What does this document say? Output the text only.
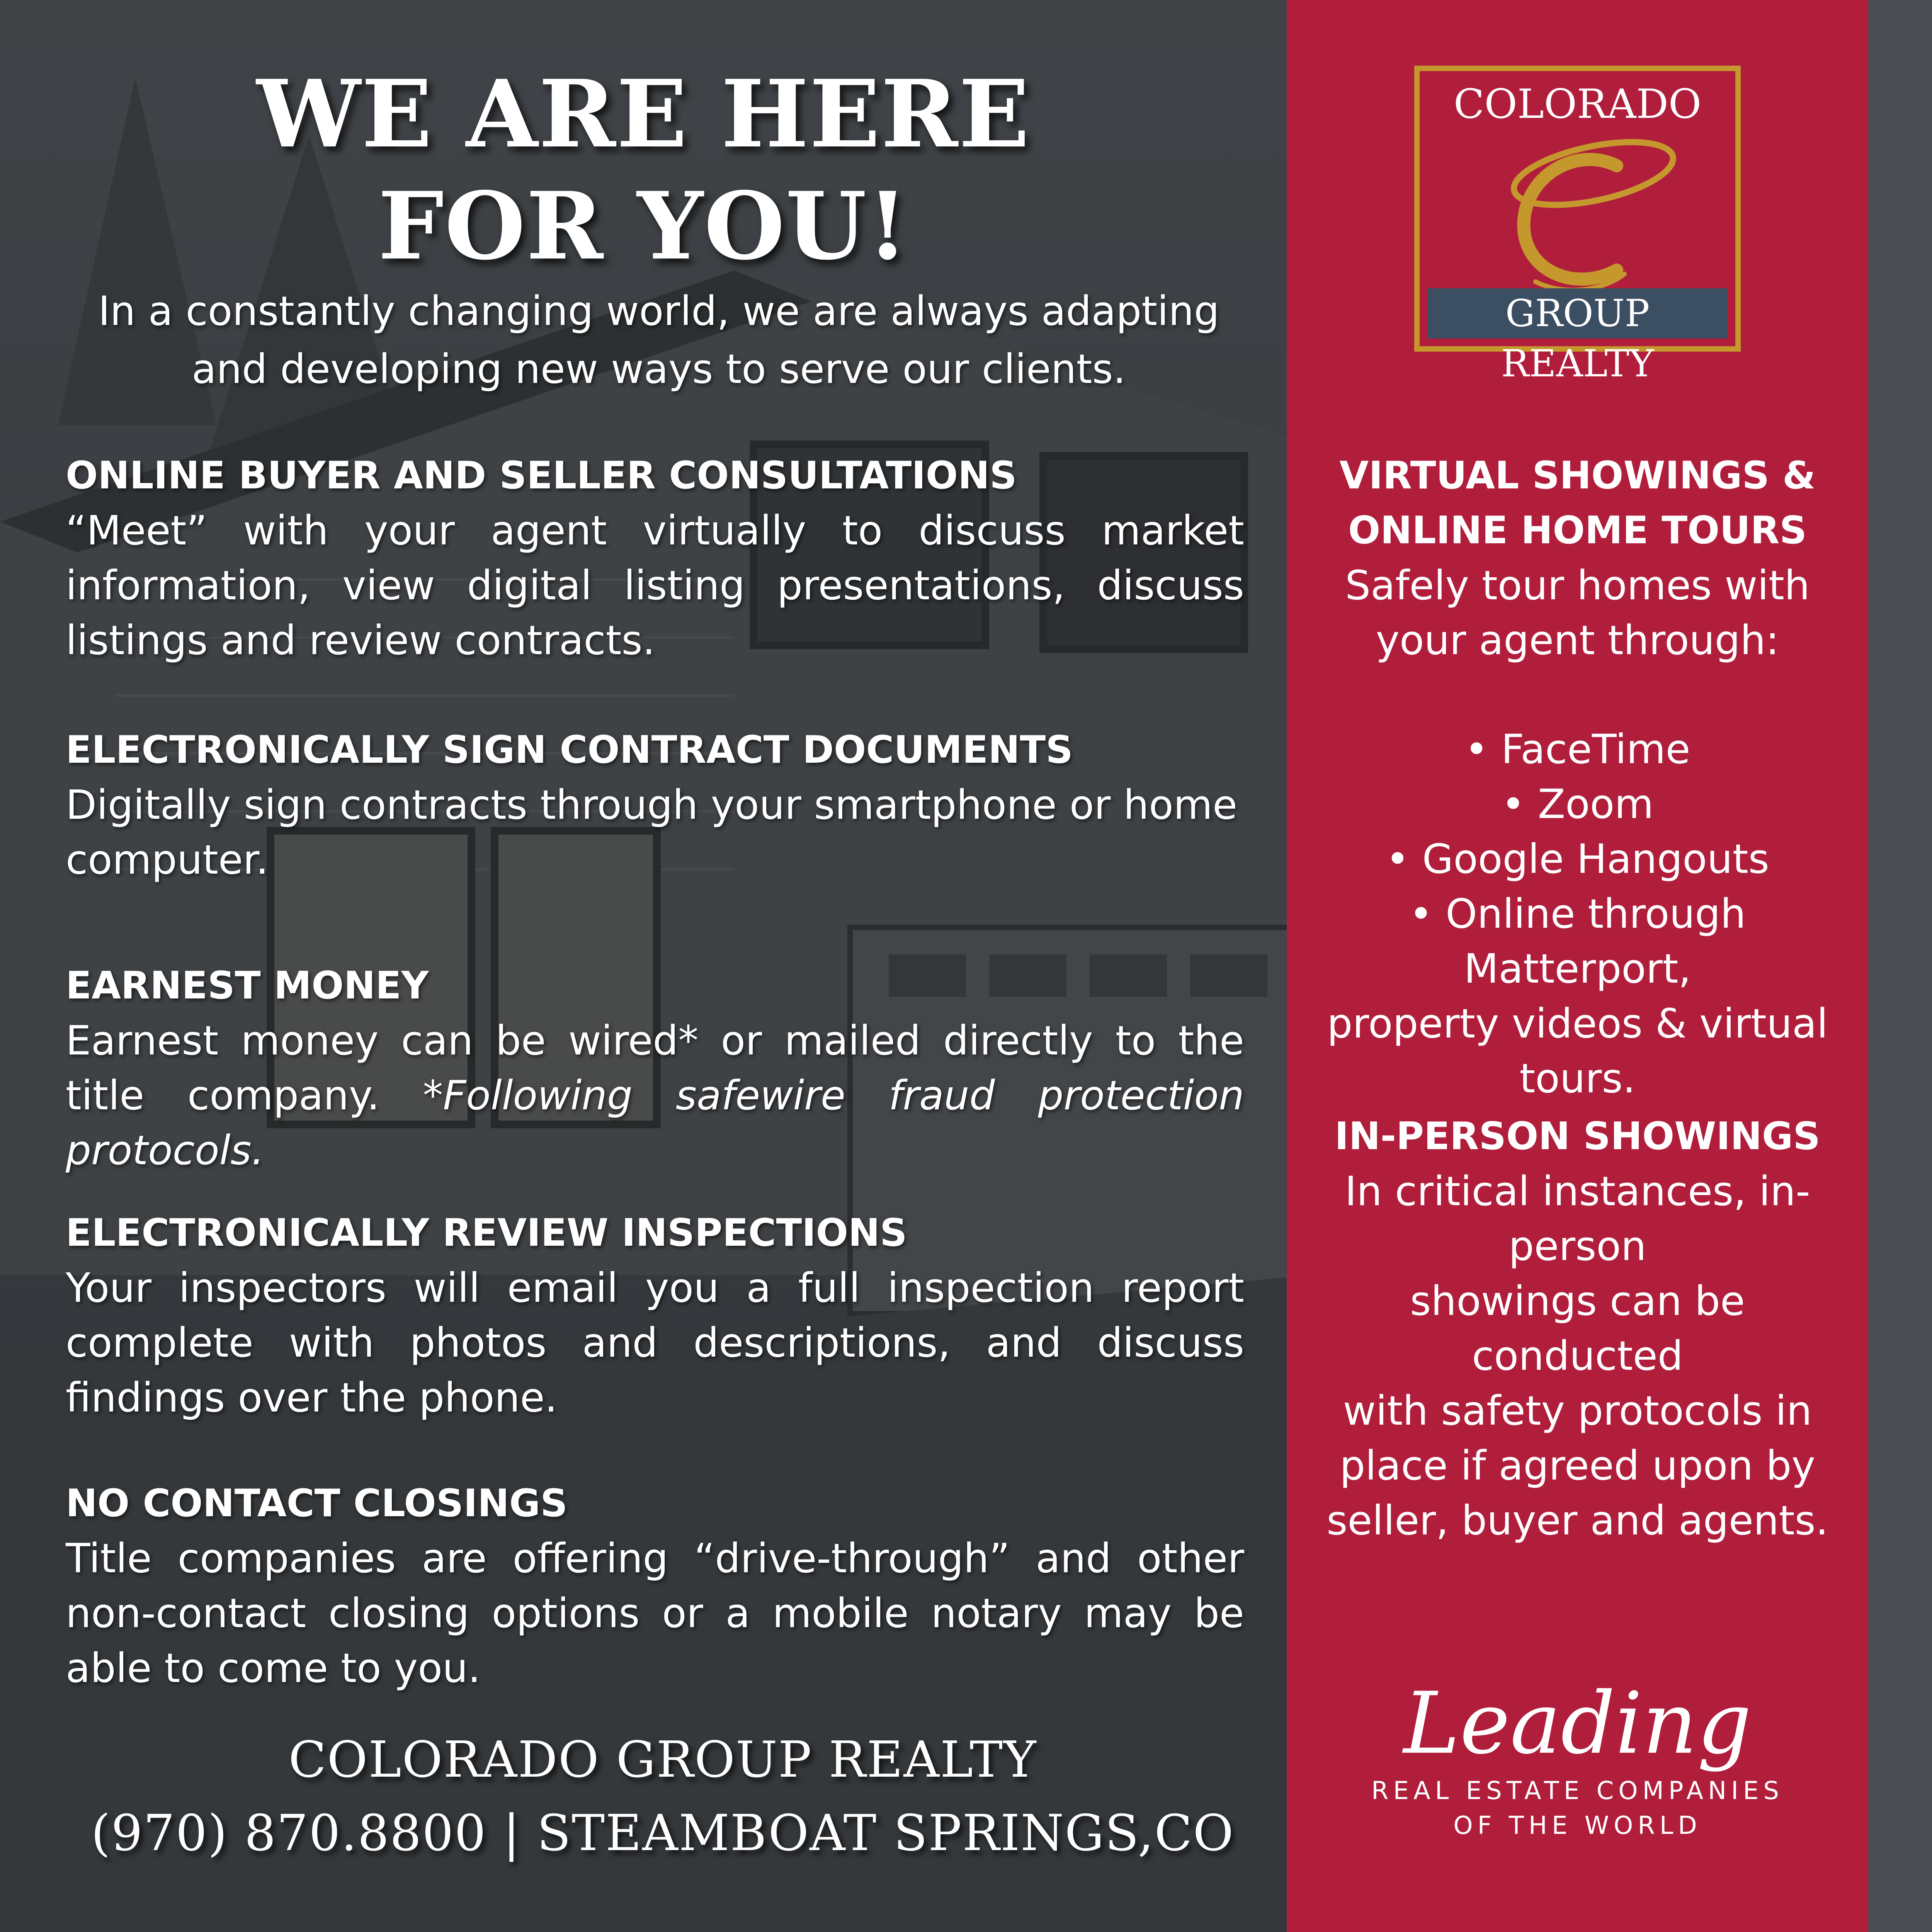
WE ARE HERE
FOR YOU!
In a constantly changing world, we are always adapting
and developing new ways to serve our clients.
ONLINE BUYER AND SELLER CONSULTATIONS

“Meet” with your agent virtually to discuss market information, view digital listing presentations, discuss listings and review contracts.

ELECTRONICALLY SIGN CONTRACT DOCUMENTS

Digitally sign contracts through your smartphone or home computer.

EARNEST MONEY

Earnest money can be wired* or mailed directly to the title company. *Following safewire fraud protection protocols.

ELECTRONICALLY REVIEW INSPECTIONS

Your inspectors will email you a full inspection report complete with photos and descriptions, and discuss findings over the phone.

NO CONTACT CLOSINGS

Title companies are offering “drive-through” and other non-contact closing options or a mobile notary may be able to come to you.

COLORADO GROUP REALTY
(970) 870.8800 | STEAMBOAT SPRINGS,CO
COLORADO
GROUP REALTY
VIRTUAL SHOWINGS &
ONLINE HOME TOURS

Safely tour homes with

your agent through:

• FaceTime
• Zoom
• Google Hangouts
• Online through Matterport,
property videos & virtual
tours.
IN-PERSON SHOWINGS

In critical instances, in-person

showings can be conducted

with safety protocols in

place if agreed upon by

seller, buyer and agents.

Leading
REAL ESTATE COMPANIES
OF THE WORLD
